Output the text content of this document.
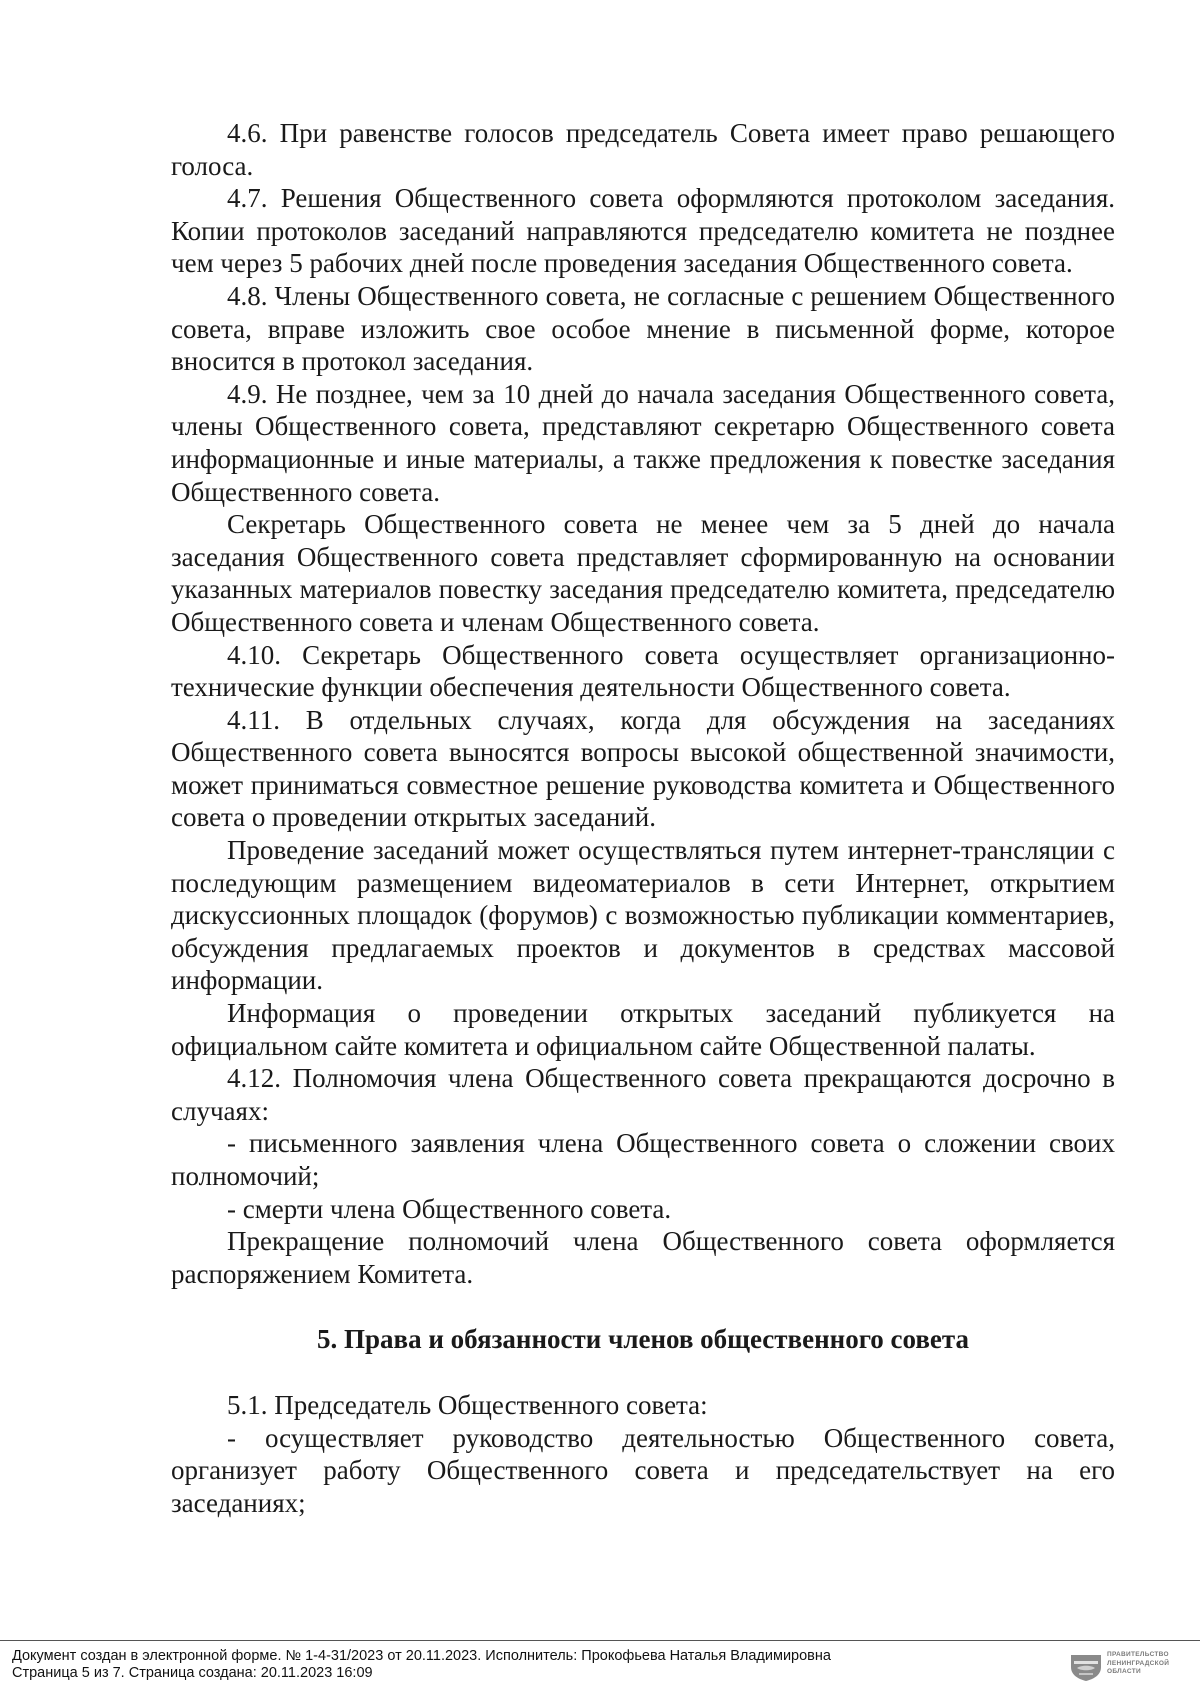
4.6. При равенстве голосов председатель Совета имеет право решающего голоса.

4.7. Решения Общественного совета оформляются протоколом заседания. Копии протоколов заседаний направляются председателю комитета не позднее чем через 5 рабочих дней после проведения заседания Общественного совета.

4.8. Члены Общественного совета, не согласные с решением Общественного совета, вправе изложить свое особое мнение в письменной форме, которое вносится в протокол заседания.

4.9. Не позднее, чем за 10 дней до начала заседания Общественного совета, члены Общественного совета, представляют секретарю Общественного совета информационные и иные материалы, а также предложения к повестке заседания Общественного совета.

Секретарь Общественного совета не менее чем за 5 дней до начала заседания Общественного совета представляет сформированную на основании указанных материалов повестку заседания председателю комитета, председателю Общественного совета и членам Общественного совета.

4.10. Секретарь Общественного совета осуществляет организационно-технические функции обеспечения деятельности Общественного совета.

4.11. В отдельных случаях, когда для обсуждения на заседаниях Общественного совета выносятся вопросы высокой общественной значимости, может приниматься совместное решение руководства комитета и Общественного совета о проведении открытых заседаний.

Проведение заседаний может осуществляться путем интернет-трансляции с последующим размещением видеоматериалов в сети Интернет, открытием дискуссионных площадок (форумов) с возможностью публикации комментариев, обсуждения предлагаемых проектов и документов в средствах массовой информации.

Информация о проведении открытых заседаний публикуется на официальном сайте комитета и официальном сайте Общественной палаты.

4.12. Полномочия члена Общественного совета прекращаются досрочно в случаях:

- письменного заявления члена Общественного совета о сложении своих полномочий;

- смерти члена Общественного совета.

Прекращение полномочий члена Общественного совета оформляется распоряжением Комитета.

5. Права и обязанности членов общественного совета

5.1. Председатель Общественного совета:

- осуществляет руководство деятельностью Общественного совета, организует работу Общественного совета и председательствует на его заседаниях;

Документ создан в электронной форме. № 1-4-31/2023 от 20.11.2023. Исполнитель: Прокофьева Наталья Владимировна
Страница 5 из 7. Страница создана: 20.11.2023 16:09
ПРАВИТЕЛЬСТВО
ЛЕНИНГРАДСКОЙ
ОБЛАСТИ
